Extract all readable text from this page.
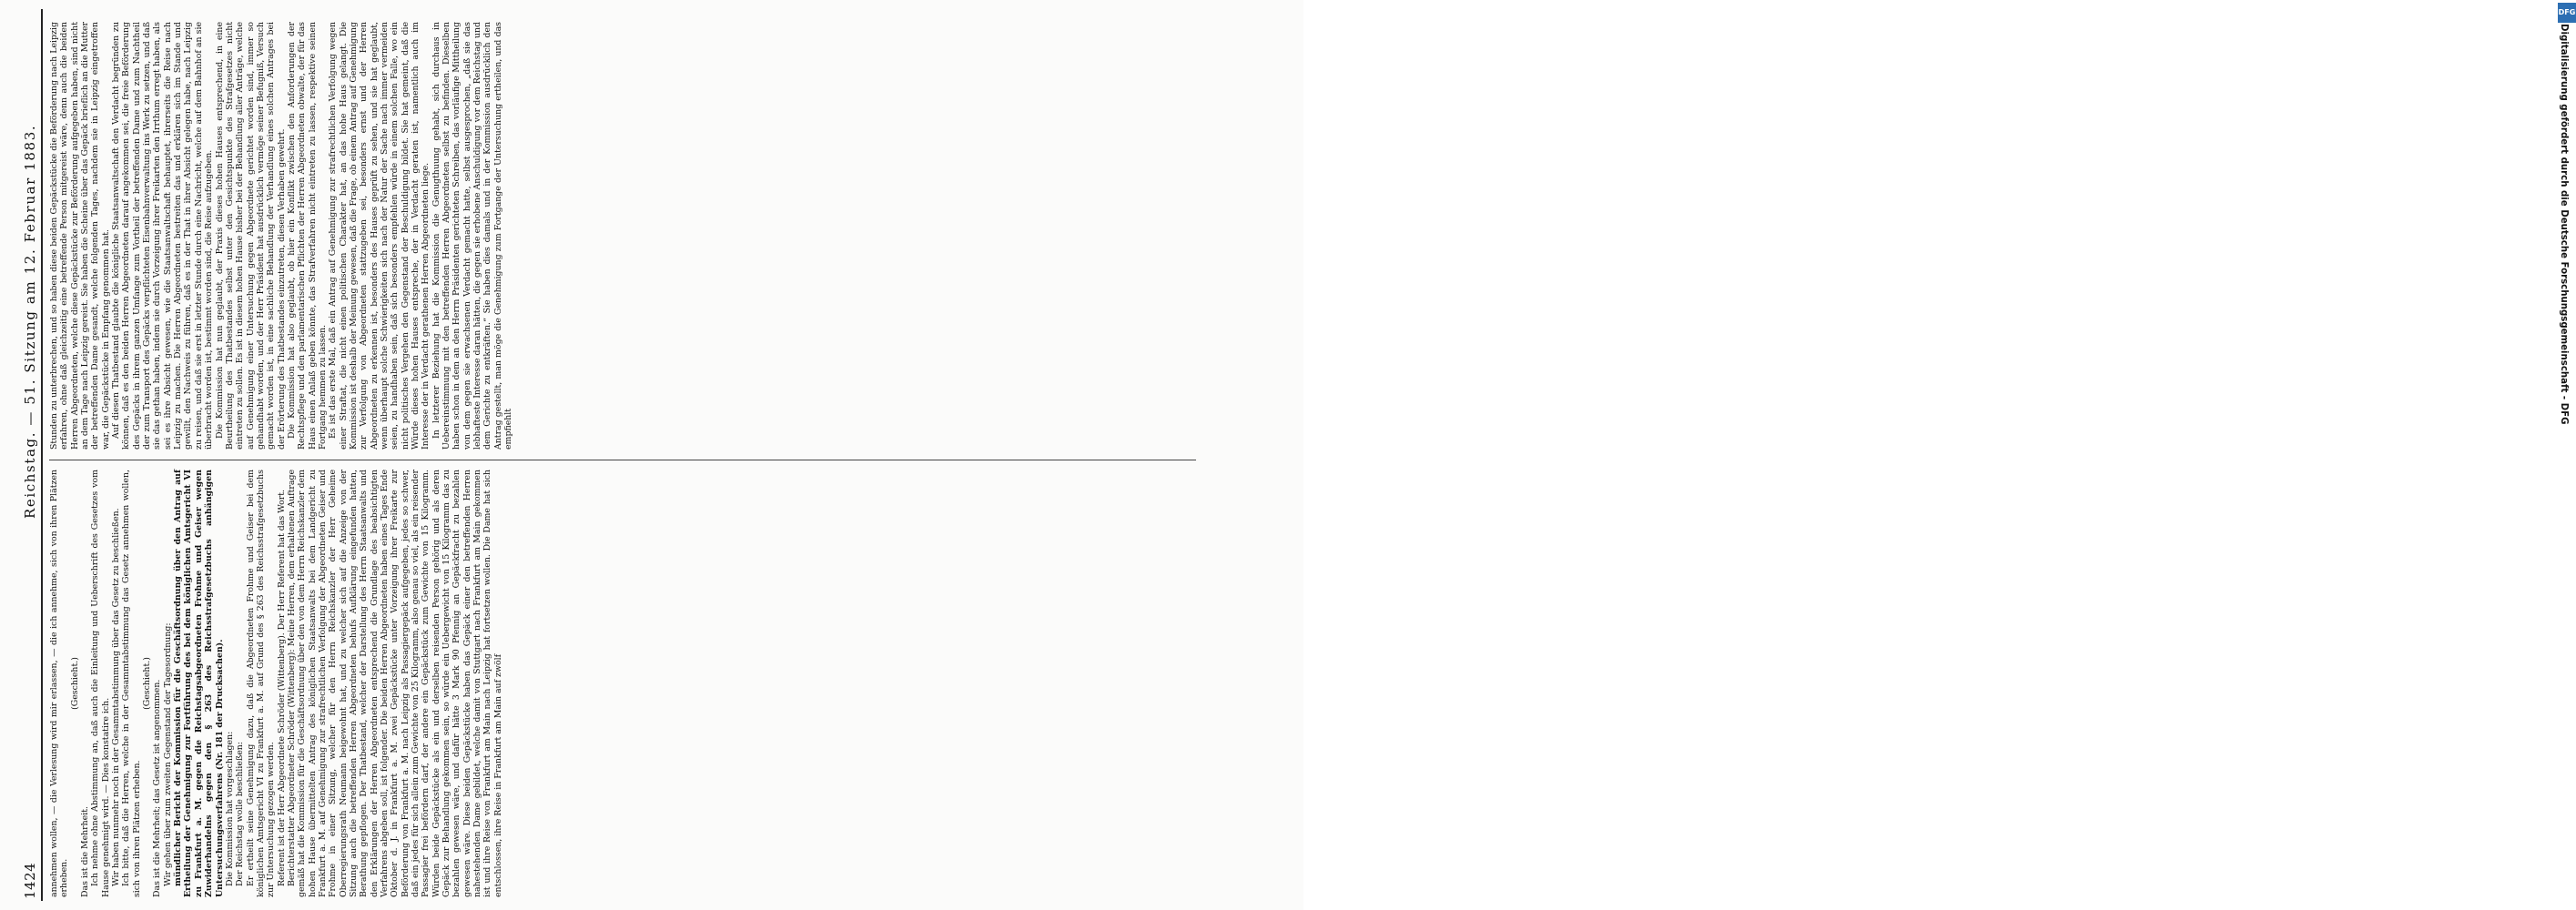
1424
Reichstag. — 51. Sitzung am 12. Februar 1883.

annehmen wollen, — die Verlesung wird mir erlassen, — die ich annehme, sich von ihren Plätzen erheben.

(Geschieht.)

Das ist die Mehrheit. Ich nehme ohne Abstimmung an, daß auch die Einleitung und Ueberschrift des Gesetzes vom Hause genehmigt wird. — Dies konstatire ich. Wir haben nunmehr noch in der Gesammtabstimmung über das Gesetz zu beschließen. Ich bitte, daß die Herren, welche in der Gesammtabstimmung das Gesetz annehmen wollen, sich von ihren Plätzen erheben.

(Geschieht.) Das ist die Mehrheit; das Gesetz ist angenommen. Wir gehen über zum zweiten Gegenstand der Tagesordnung: mündlicher Bericht der Kommission für die Geschäftsordnung über den Antrag auf Ertheilung der Genehmigung zur Fortführung des bei dem königlichen Amtsgericht VI zu Frankfurt a. M. gegen die Reichstagsabgeordneten Frohme und Geiser wegen Zuwiderhandelns gegen den § 263 des Reichsstrafgesetzbuchs anhängigen Untersuchungsverfahrens (Nr. 181 der Drucksachen). Die Kommission hat vorgeschlagen: Der Reichstag wolle beschließen: Er ertheilt seine Genehmigung dazu, daß die Abgeordneten Frohme und Geiser bei dem königlichen Amtsgericht VI zu Frankfurt a. M. auf Grund des § 263 des Reichsstrafgesetzbuchs zur Untersuchung gezogen werden. Referent ist der Herr Abgeordnete Schröder (Wittenberg). Der Herr Referent hat das Wort. Berichterstatter Abgeordneter Schröder (Wittenberg): Meine Herren, dem erhaltenen Auftrage gemäß hat die Kommission für die Geschäftsordnung über den von dem Herrn Reichskanzler dem hohen Hause übermittelten Antrag des königlichen Staatsanwalts bei dem Landgericht zu Frankfurt a. M. auf Genehmigung zur strafrechtlichen Verfolgung der Abgeordneten Geiser und Frohme in einer Sitzung, welcher für den Herrn Reichskanzler der Herr Geheime Oberregierungsrath Neumann beigewohnt hat, und zu welcher sich auf die Anzeige von der Sitzung auch die betreffenden Herren Abgeordneten behufs Aufklärung eingefunden hatten, Berathung gepflogen. Der Thatbestand, welcher der Darstellung des Herrn Staatsanwalts und den Erklärungen der Herren Abgeordneten entsprechend die Grundlage des beabsichtigten Verfahrens abgeben soll, ist folgender. Die beiden Herren Abgeordneten haben eines Tages Ende Oktober d. J. in Frankfurt a. M. zwei Gepäckstücke unter Vorzeigung ihrer Freikarte zur Beförderung von Frankfurt a. M. nach Leipzig als Passagiergepäck aufgegeben, jedes so schwer, daß ein jedes für sich allein zum Gewichte von 25 Kilogramm, also genau so viel, als ein reisender Passagier frei befördern darf, der andere ein Gepäckstück zum Gewichte von 15 Kilogramm. Würden beide Gepäckstücke als ein und derselben reisenden Person gehörig und als deren Gepäck zur Behandlung gekommen sein, so würde ein Uebergewicht von 15 Kilogramm das zu bezahlen gewesen wäre, und dafür hätte 3 Mark 90 Pfennig an Gepäckfracht zu bezahlen gewesen wäre. Diese beiden Gepäckstücke haben das Gepäck einer den betreffenden Herren nahestehenden Dame gebildet, welche damit von Stuttgart nach Frankfurt am Main gekommen ist und ihre Reise von Frankfurt am Main nach Leipzig hat fortsetzen wollen. Die Dame hat sich entschlossen, ihre Reise in Frankfurt am Main auf zwölf

Stunden zu unterbrechen, und so haben diese beiden Gepäckstücke die Beförderung nach Leipzig erfahren, ohne daß gleichzeitig eine betreffende Person mitgereist wäre, denn auch die beiden Herren Abgeordneten, welche diese Gepäckstücke zur Beförderung aufgegeben haben, sind nicht an dem Tage nach Leipzig gereist. Sie haben die Scheine über das Gepäck brieflich an die Mutter der betreffenden Dame gesandt, welche folgenden Tages, nachdem sie in Leipzig eingetroffen war, die Gepäckstücke in Empfang genommen hat. Auf diesen Thatbestand glaubte die königliche Staatsanwaltschaft den Verdacht begründen zu können, daß es den beiden Herren Abgeordneten darauf angekommen sei, die freie Beförderung des Gepäcks in ihrem ganzen Umfange zum Vortheil der betreffenden Dame und zum Nachtheil der zum Transport des Gepäcks verpflichteten Eisenbahnverwaltung ins Werk zu setzen, und daß sie das gethan haben, indem sie durch Vorzeigung ihrer Freikarten den Irrthum erregt haben, als sei es ihre Absicht gewesen, wie die Staatsanwaltschaft behauptet, ihrerseits die Reise nach Leipzig zu machen. Die Herren Abgeordneten bestreiten das und erklären sich im Stande und gewillt, den Nachweis zu führen, daß es in der That in ihrer Absicht gelegen habe, nach Leipzig zu reisen, und daß sie erst in letzter Stunde durch eine Nachricht, welche auf dem Bahnhof an sie überbracht worden ist, bestimmt worden sind, die Reise aufzugeben. Die Kommission hat nun geglaubt, der Praxis dieses hohen Hauses entsprechend, in eine Beurtheilung des Thatbestandes selbst unter den Gesichtspunkte des Strafgesetzes nicht eintreten zu sollen. Es ist in diesem hohen Hause bisher bei der Behandlung aller Anträge, welche auf Genehmigung einer Untersuchung gegen Abgeordnete gerichtet worden sind, immer so gehandhabt worden, und der Herr Präsident hat ausdrücklich vermöge seiner Befugniß, Versuch gemacht worden ist, in eine sachliche Behandlung der Verhandlung eines solchen Antrages bei der Erörterung des Thatbestandes einzutreten, diesen Verhaben gewehrt. Die Kommission hat also geglaubt, ob hier ein Konflikt zwischen den Anforderungen der Rechtspflege und den parlamentarischen Pflichten der Herren Abgeordneten obwalte, der für das Haus einen Anlaß geben könnte, das Strafverfahren nicht eintreten zu lassen, respektive seinen Fortgang hemmen zu lassen. Es ist das erste Mal, daß ein Antrag auf Genehmigung zur strafrechtlichen Verfolgung wegen einer Straftat, die nicht einen politischen Charakter hat, an das hohe Haus gelangt. Die Kommission ist deshalb der Meinung gewesen, daß die Frage, ob einem Antrag auf Genehmigung zur Verfolgung von Abgeordneten stattzugeben sei, besonders ernst und der Herren Abgeordneten zu erkennen ist, besonders des Hauses geprüft zu sehen, und sie hat geglaubt, wenn überhaupt solche Schwierigkeiten sich nach der Natur der Sache nach immer vermeiden seien, zu handhaben sein, daß sich besonders empfehlen würde in einem solchen Falle, wo ein nicht politisches Vergehen den Gegenstand der Beschuldigung bildet. Sie hat gemeint, daß die Würde dieses hohen Hauses entspreche, der in Verdacht geraten ist, namentlich auch im Interesse der in Verdacht gerathenen Herren Abgeordneten liege. In letzterer Beziehung hat die Kommission die Genugthuung gehabt, sich durchaus in Uebereinstimmung mit den betreffenden Herren Abgeordneten selbst zu befinden. Dieselben haben schon in dem an den Herrn Präsidenten gerichteten Schreiben, das vorläufige Mittheilung von dem gegen sie erwachsenen Verdacht gemacht hatte, selbst ausgesprochen, „daß sie das lebhafteste Interesse daran hätten, die gegen sie erhobene Anschuldigung vor dem Reichstag und dem Gerichte zu entkräften.“ Sie haben dies damals und in der Kommission ausdrücklich den Antrag gestellt, man möge die Genehmigung zum Fortgange der Untersuchung ertheilen, und das empfiehlt

DFG
Digitalisierung gefördert durch die Deutsche Forschungsgemeinschaft - DFG
